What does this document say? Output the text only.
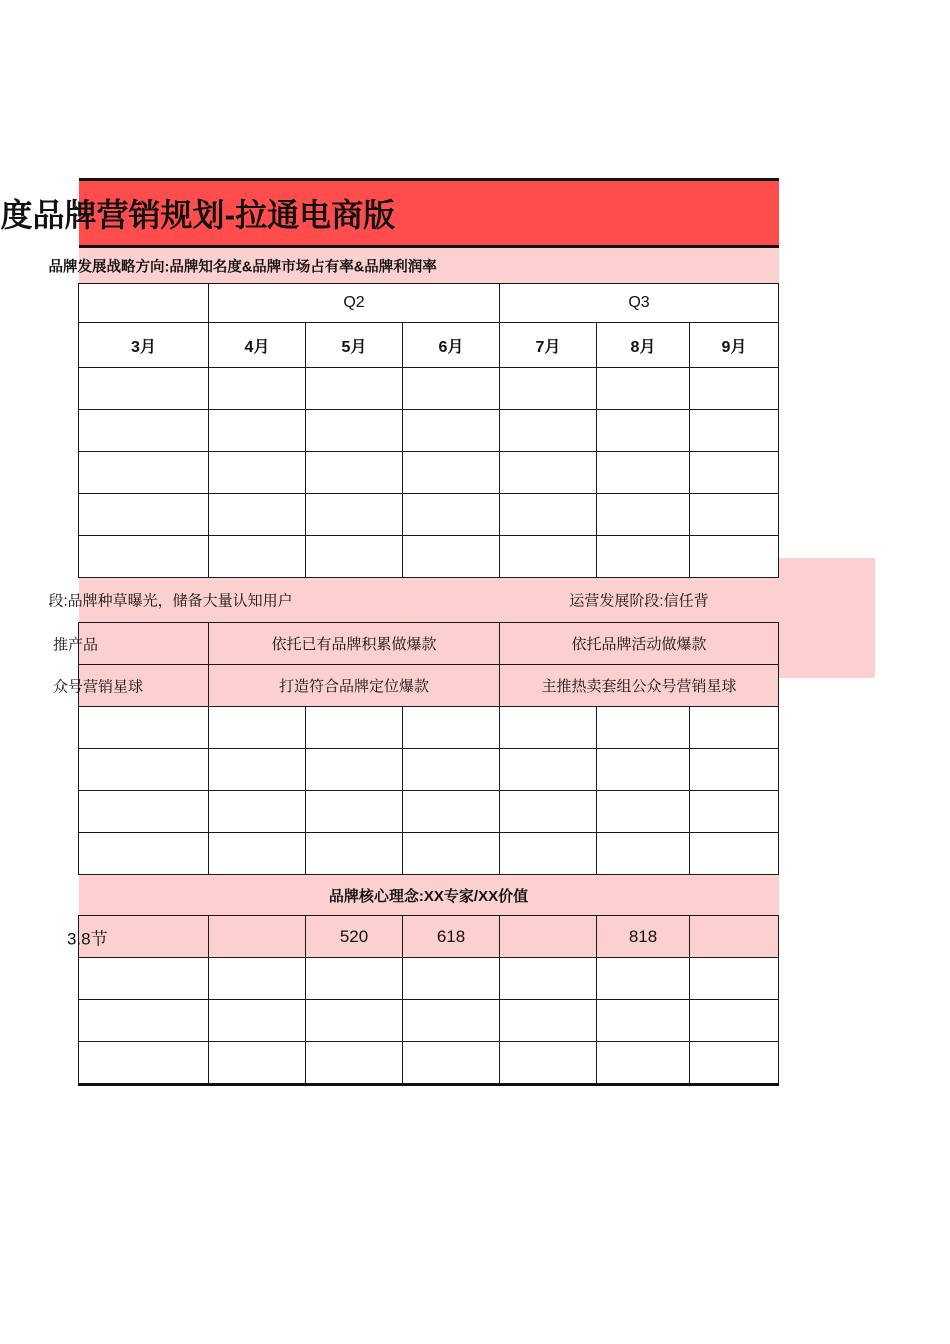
度品牌营销规划-拉通电商版						

品牌发展战略方向:品牌知名度&品牌市场占有率&品牌利润率						

	Q2			Q3		
3月	4月	5月	6月	7月	8月	9月

段:品牌种草曝光，储备大量认知用户				运营发展阶段:信任背		

推产品	依托已有品牌积累做爆款			依托品牌活动做爆款		

众号营销星球	打造符合品牌定位爆款			主推热卖套组公众号营销星球		

品牌核心理念:XX专家/XX价值						

3.8节		520	618		818	
